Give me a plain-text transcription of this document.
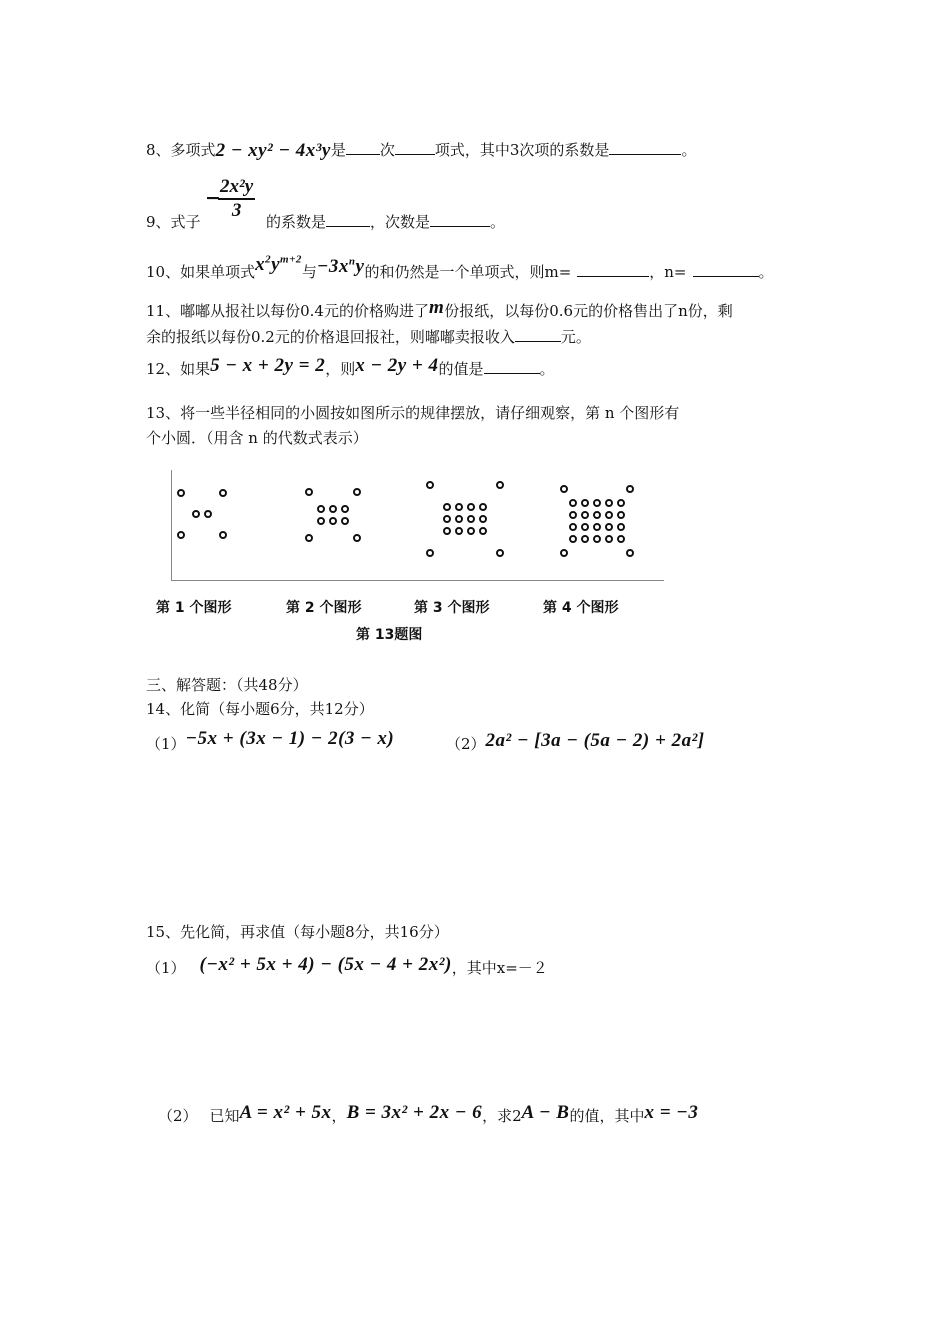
8、多项式2 − xy² − 4x³y是 次	项式，其中3次项的系数是	。
9、式子
−
$\frac{\text{2x²y}}{3}$ 的系数是	，次数是	。
10、如果单项式$x^2y^{m+2}$与$-3x^ny$的和仍然是一个单项式，则m=	，n=	。
11、嘟嘟从报社以每份0.4元的价格购进了m份报纸，以每份0.6元的价格售出了n份，剩
余的报纸以每份0.2元的价格退回报社，则嘟嘟卖报收入	元。
12、如果5 − x + 2y = 2，则x − 2y + 4的值是	。
13、将一些半径相同的小圆按如图所示的规律摆放，请仔细观察，第 n 个图形有
个小圆．（用含 n 的代数式表示）
第 1 个图形	第 2 个图形	第 3 个图形	第 4 个图形
第 13题图
三、解答题：（共48分）
14、化简（每小题6分，共12分）
（1）−5x + (3x − 1) − 2(3 − x)	（2）2a² − [3a − (5a − 2) + 2a²]
15、先化简，再求值（每小题8分，共16分）
（1） (−x² + 5x + 4) − (5x − 4 + 2x²)，其中x=－２
（2） 已知A = x² + 5x，B = 3x² + 2x − 6，求2A − B的值，其中x = −3
